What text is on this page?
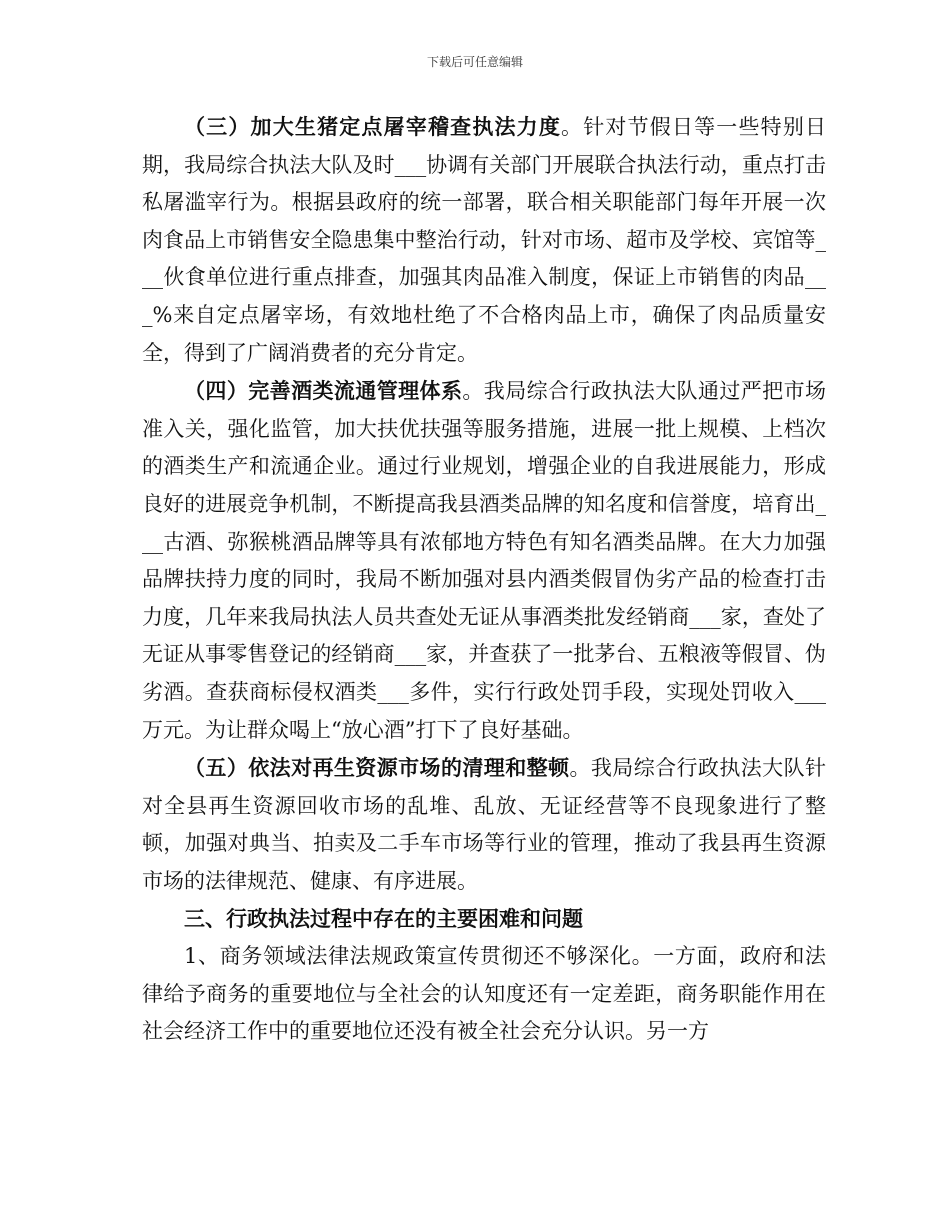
下载后可任意编辑

（三）加大生猪定点屠宰稽查执法力度。针对节假日等一些特别日期，我局综合执法大队及时___协调有关部门开展联合执法行动，重点打击私屠滥宰行为。根据县政府的统一部署，联合相关职能部门每年开展一次肉食品上市销售安全隐患集中整治行动，针对市场、超市及学校、宾馆等___伙食单位进行重点排查，加强其肉品准入制度，保证上市销售的肉品___%来自定点屠宰场，有效地杜绝了不合格肉品上市，确保了肉品质量安全，得到了广阔消费者的充分肯定。

（四）完善酒类流通管理体系。我局综合行政执法大队通过严把市场准入关，强化监管，加大扶优扶强等服务措施，进展一批上规模、上档次的酒类生产和流通企业。通过行业规划，增强企业的自我进展能力，形成良好的进展竞争机制，不断提高我县酒类品牌的知名度和信誉度，培育出___古酒、弥猴桃酒品牌等具有浓郁地方特色有知名酒类品牌。在大力加强品牌扶持力度的同时，我局不断加强对县内酒类假冒伪劣产品的检查打击力度，几年来我局执法人员共查处无证从事酒类批发经销商___家，查处了无证从事零售登记的经销商___家，并查获了一批茅台、五粮液等假冒、伪劣酒。查获商标侵权酒类___多件，实行行政处罚手段，实现处罚收入___万元。为让群众喝上“放心酒”打下了良好基础。

（五）依法对再生资源市场的清理和整顿。我局综合行政执法大队针对全县再生资源回收市场的乱堆、乱放、无证经营等不良现象进行了整顿，加强对典当、拍卖及二手车市场等行业的管理，推动了我县再生资源市场的法律规范、健康、有序进展。

三、行政执法过程中存在的主要困难和问题

1、商务领域法律法规政策宣传贯彻还不够深化。一方面，政府和法律给予商务的重要地位与全社会的认知度还有一定差距，商务职能作用在社会经济工作中的重要地位还没有被全社会充分认识。另一方
